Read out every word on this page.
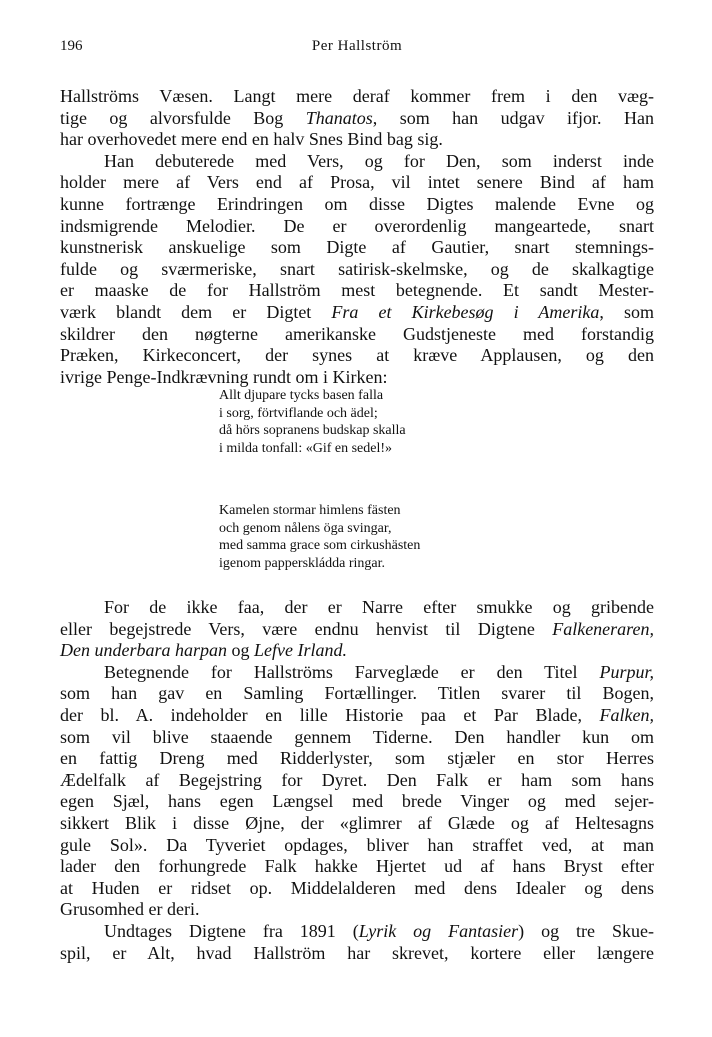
196	Per Hallström
Hallströms Væsen. Langt mere deraf kommer frem i den væg-
tige og alvorsfulde Bog Thanatos, som han udgav ifjor. Han
har overhovedet mere end en halv Snes Bind bag sig.
Han debuterede med Vers, og for Den, som inderst inde
holder mere af Vers end af Prosa, vil intet senere Bind af ham
kunne fortrænge Erindringen om disse Digtes malende Evne og
indsmigrende Melodier. De er overordenlig mangeartede, snart
kunstnerisk anskuelige som Digte af Gautier, snart stemnings-
fulde og sværmeriske, snart satirisk-skelmske, og de skalkagtige
er maaske de for Hallström mest betegnende. Et sandt Mester-
værk blandt dem er Digtet Fra et Kirkebesøg i Amerika, som
skildrer den nøgterne amerikanske Gudstjeneste med forstandig
Præken, Kirkeconcert, der synes at kræve Applausen, og den
ivrige Penge-Indkrævning rundt om i Kirken:
Allt djupare tycks basen falla
i sorg, förtviflande och ädel;
då hörs sopranens budskap skalla
i milda tonfall: «Gif en sedel!»
Kamelen stormar himlens fästen
och genom nålens öga svingar,
med samma grace som cirkushästen
igenom papperskládda ringar.
For de ikke faa, der er Narre efter smukke og gribende
eller begejstrede Vers, være endnu henvist til Digtene Falkeneraren,
Den underbara harpan og Lefve Irland.
Betegnende for Hallströms Farveglæde er den Titel Purpur,
som han gav en Samling Fortællinger. Titlen svarer til Bogen,
der bl. A. indeholder en lille Historie paa et Par Blade, Falken,
som vil blive staaende gennem Tiderne. Den handler kun om
en fattig Dreng med Ridderlyster, som stjæler en stor Herres
Ædelfalk af Begejstring for Dyret. Den Falk er ham som hans
egen Sjæl, hans egen Længsel med brede Vinger og med sejer-
sikkert Blik i disse Øjne, der «glimrer af Glæde og af Heltesagns
gule Sol». Da Tyveriet opdages, bliver han straffet ved, at man
lader den forhungrede Falk hakke Hjertet ud af hans Bryst efter
at Huden er ridset op. Middelalderen med dens Idealer og dens
Grusomhed er deri.
Undtages Digtene fra 1891 (Lyrik og Fantasier) og tre Skue-
spil, er Alt, hvad Hallström har skrevet, kortere eller længere
